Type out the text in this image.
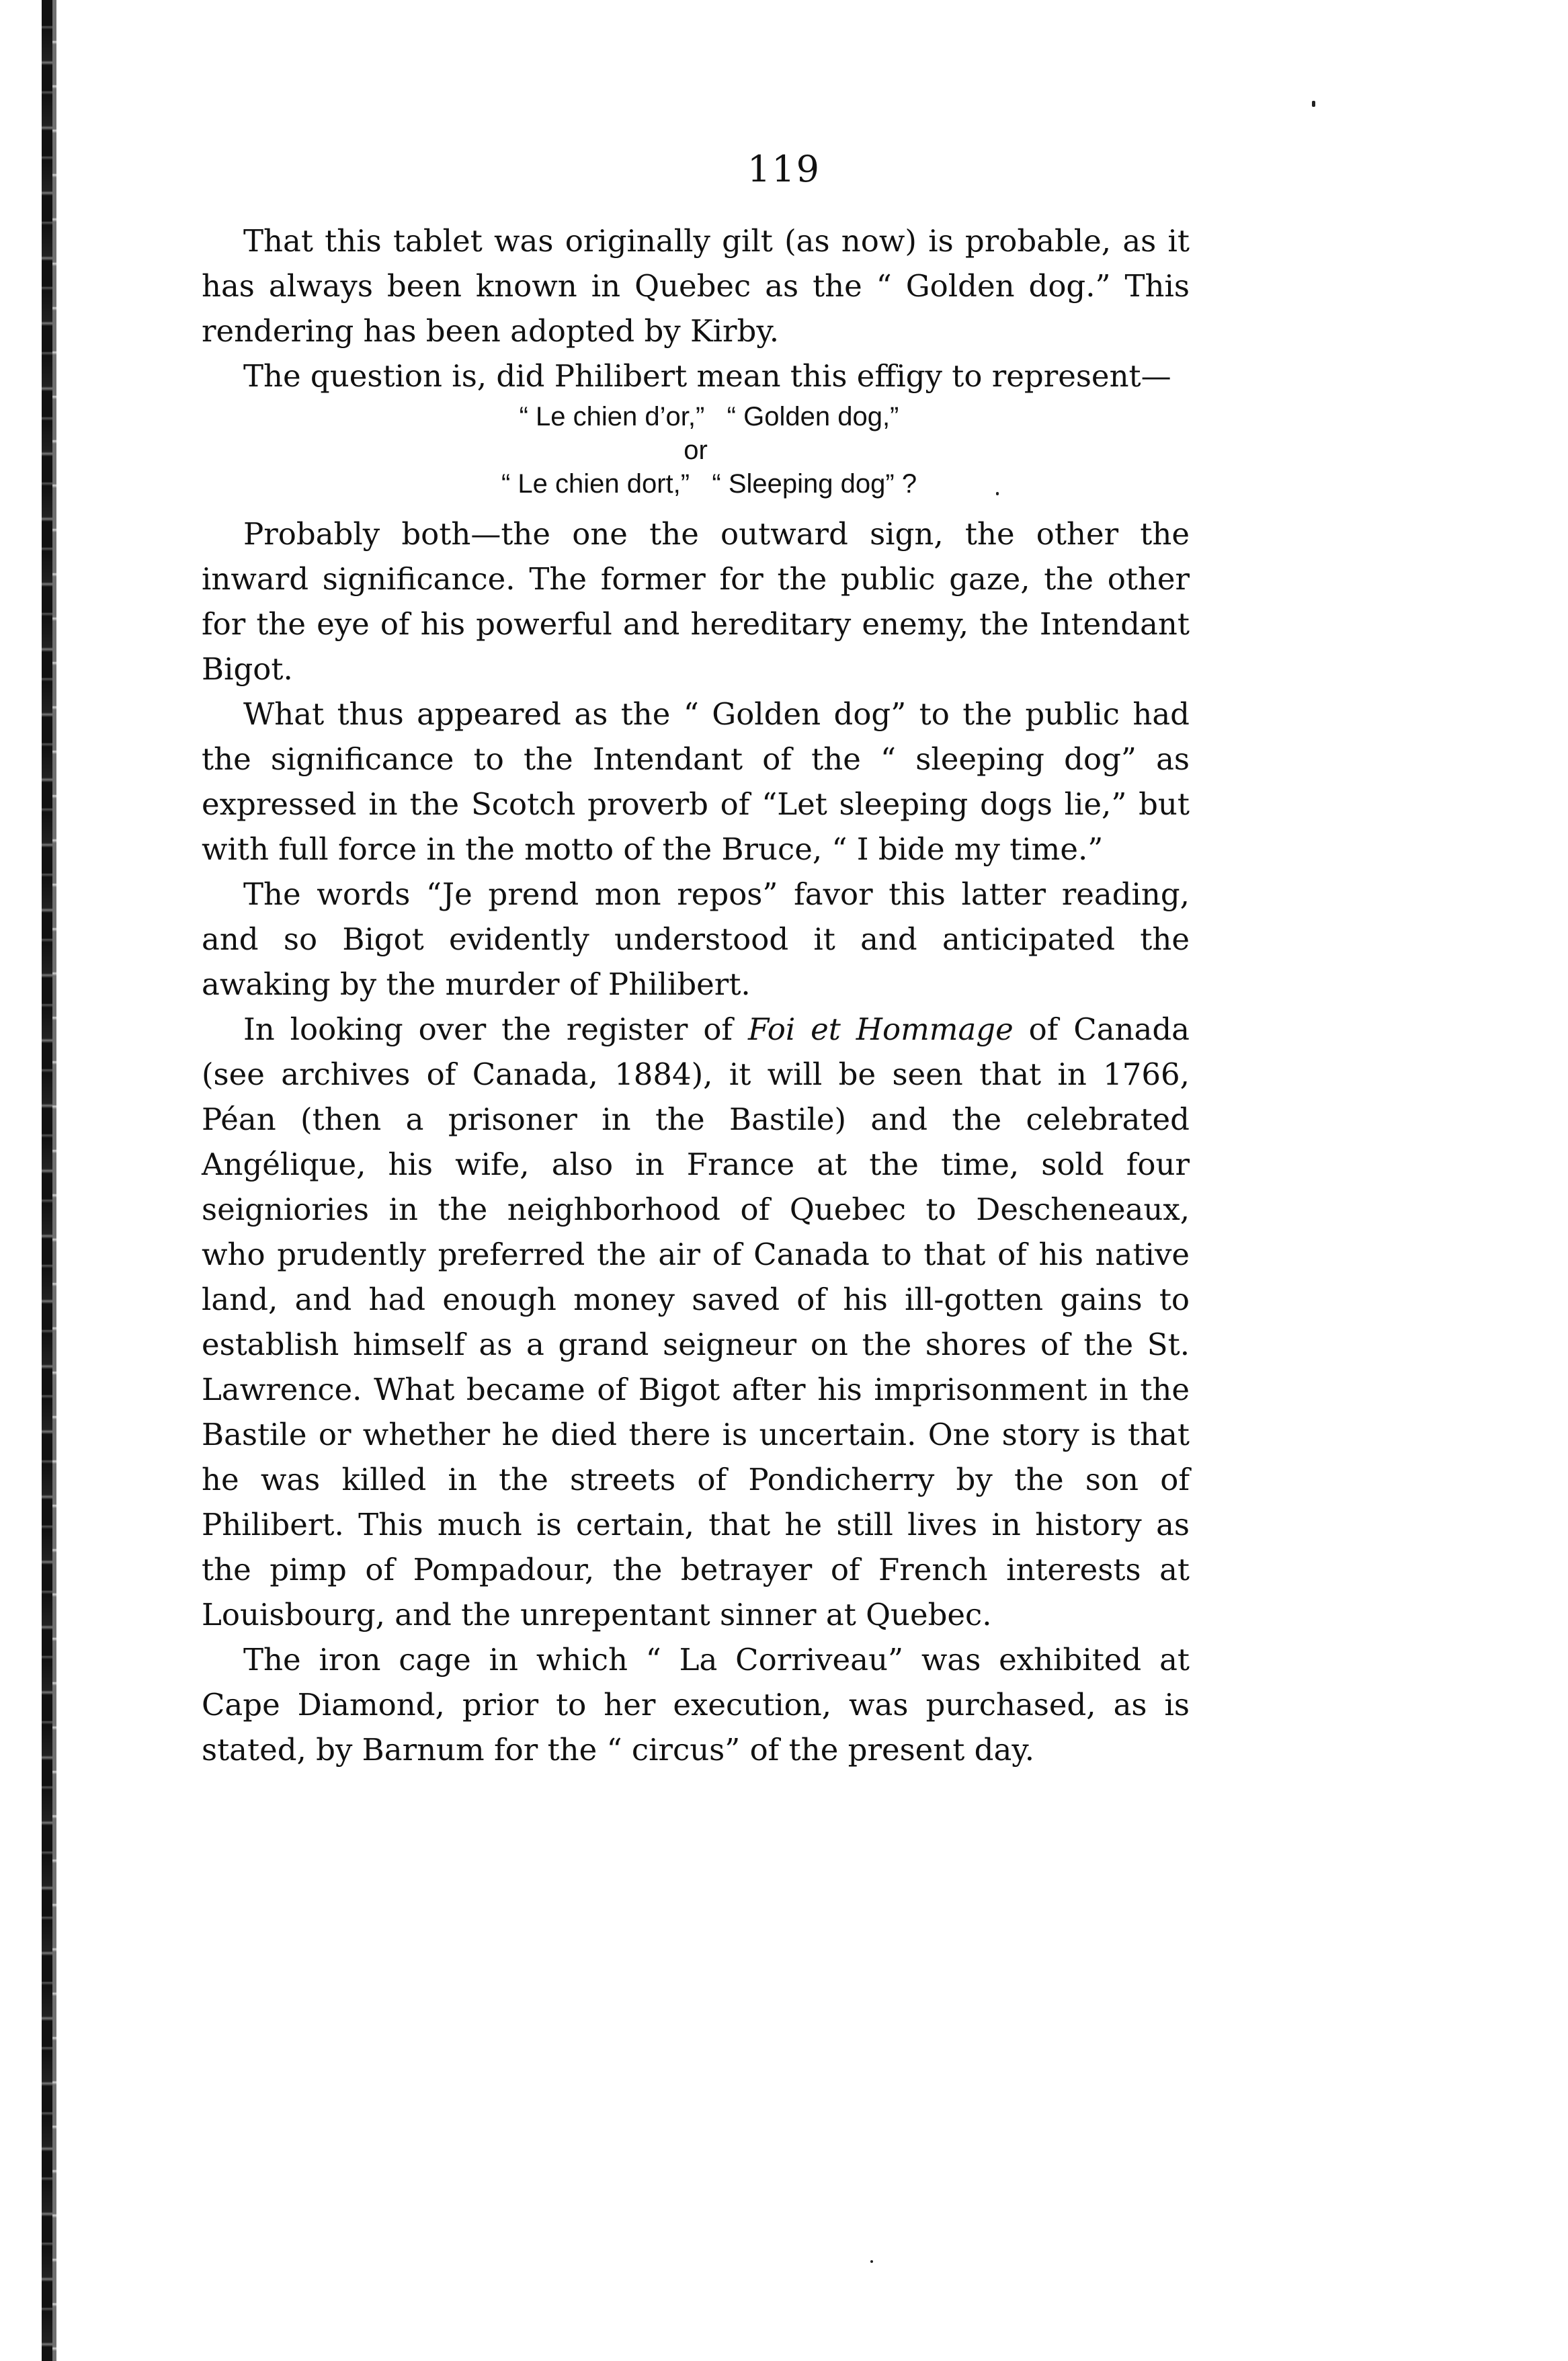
119

That this tablet was originally gilt (as now) is probable, as it has always been known in Quebec as the “ Golden dog.” This rendering has been adopted by Kirby.

The question is, did Philibert mean this effigy to represent—

“ Le chien d’or,”   “ Golden dog,”
or
“ Le chien dort,”   “ Sleeping dog” ?

Probably both—the one the outward sign, the other the inward significance. The former for the public gaze, the other for the eye of his powerful and hereditary enemy, the Intendant Bigot.

What thus appeared as the “ Golden dog” to the public had the significance to the Intendant of the “ sleeping dog” as expressed in the Scotch proverb of “Let sleeping dogs lie,” but with full force in the motto of the Bruce, “ I bide my time.”

The words “Je prend mon repos” favor this latter reading, and so Bigot evidently understood it and anticipated the awaking by the murder of Philibert.

In looking over the register of Foi et Hommage of Canada (see archives of Canada, 1884), it will be seen that in 1766, Péan (then a prisoner in the Bastile) and the celebrated Angélique, his wife, also in France at the time, sold four seigniories in the neighborhood of Quebec to Descheneaux, who prudently preferred the air of Canada to that of his native land, and had enough money saved of his ill-gotten gains to establish himself as a grand seigneur on the shores of the St. Lawrence. What became of Bigot after his imprisonment in the Bastile or whether he died there is uncertain. One story is that he was killed in the streets of Pondicherry by the son of Philibert. This much is certain, that he still lives in history as the pimp of Pompadour, the betrayer of French interests at Louisbourg, and the unrepentant sinner at Quebec.

The iron cage in which “ La Corriveau” was exhibited at Cape Diamond, prior to her execution, was purchased, as is stated, by Barnum for the “ circus” of the present day.
